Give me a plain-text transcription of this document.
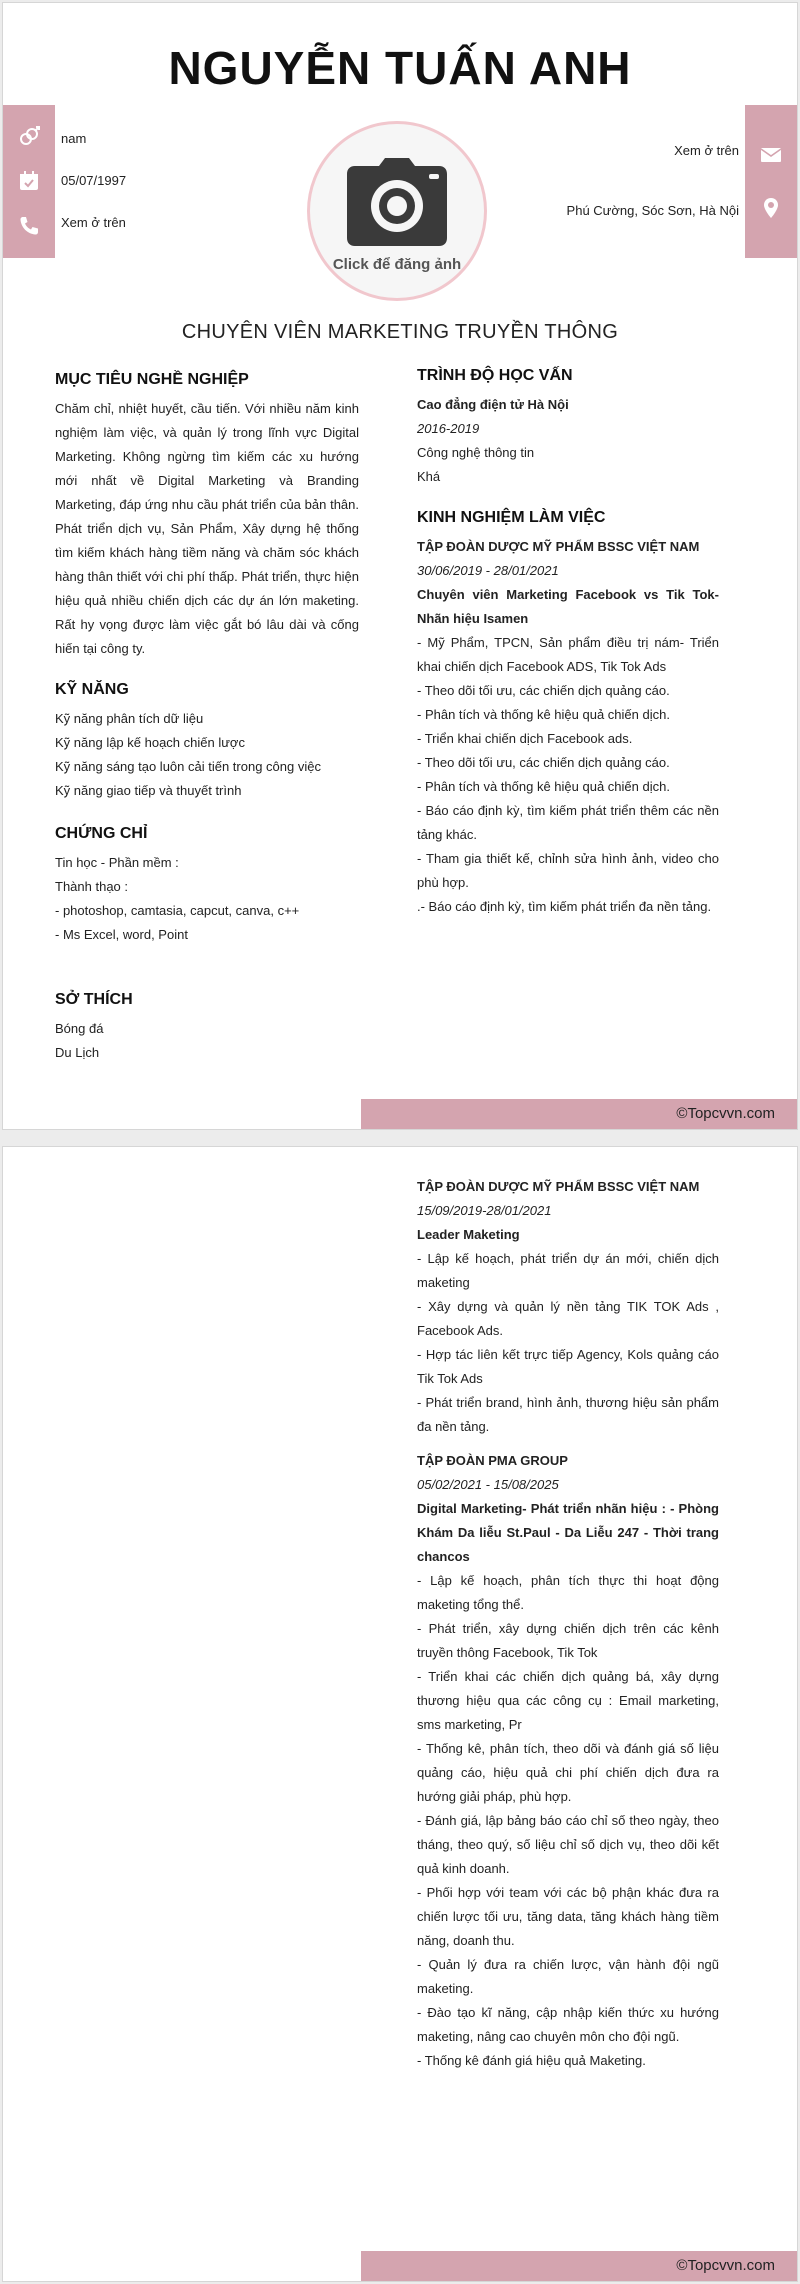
NGUYỄN TUẤN ANH
nam
05/07/1997
Xem ở trên
Click để đăng ảnh
Xem ở trên
Phú Cường, Sóc Sơn, Hà Nội
CHUYÊN VIÊN MARKETING TRUYỀN THÔNG
MỤC TIÊU NGHỀ NGHIỆP
Chăm chỉ, nhiệt huyết, cầu tiến. Với nhiều năm kinh nghiệm làm việc, và quản lý trong lĩnh vực Digital Marketing. Không ngừng tìm kiếm các xu hướng mới nhất về Digital Marketing và Branding Marketing, đáp ứng nhu cầu phát triển của bản thân. Phát triển dịch vụ, Sản Phẩm, Xây dựng hệ thống tìm kiếm khách hàng tiềm năng và chăm sóc khách hàng thân thiết với chi phí thấp. Phát triển, thực hiện hiệu quả nhiều chiến dịch các dự án lớn maketing. Rất hy vọng được làm việc gắt bó lâu dài và cống hiến tại công ty.
KỸ NĂNG
Kỹ năng phân tích dữ liệu
Kỹ năng lập kế hoạch chiến lược
Kỹ năng sáng tạo luôn cải tiến trong công việc
Kỹ năng giao tiếp và thuyết trình
CHỨNG CHỈ
Tin học - Phần mềm :
Thành thạo :
- photoshop, camtasia, capcut, canva, c++
- Ms Excel, word, Point
SỞ THÍCH
Bóng đá
Du Lịch
TRÌNH ĐỘ HỌC VẤN
Cao đẳng điện tử Hà Nội
2016-2019
Công nghệ thông tin
Khá
KINH NGHIỆM LÀM VIỆC
TẬP ĐOÀN DƯỢC MỸ PHẨM BSSC VIỆT NAM
30/06/2019 - 28/01/2021
Chuyên viên Marketing Facebook vs Tik Tok- Nhãn hiệu Isamen
- Mỹ Phẩm, TPCN, Sản phẩm điều trị nám- Triển khai chiến dịch Facebook ADS, Tik Tok Ads
- Theo dõi tối ưu, các chiến dịch quảng cáo.
- Phân tích và thống kê hiệu quả chiến dịch.
- Triển khai chiến dịch Facebook ads.
- Theo dõi tối ưu, các chiến dịch quảng cáo.
- Phân tích và thống kê hiệu quả chiến dịch.
- Báo cáo định kỳ, tìm kiếm phát triển thêm các nền tảng khác.
- Tham gia thiết kế, chỉnh sửa hình ảnh, video cho phù hợp.
.- Báo cáo định kỳ, tìm kiếm phát triển đa nền tảng.
©Topcvvn.com
TẬP ĐOÀN DƯỢC MỸ PHẨM BSSC VIỆT NAM
15/09/2019-28/01/2021
Leader Maketing
- Lập kế hoạch, phát triển dự án mới, chiến dịch maketing
- Xây dựng và quản lý nền tảng TIK TOK Ads , Facebook Ads.
- Hợp tác liên kết trực tiếp Agency, Kols quảng cáo Tik Tok Ads
- Phát triển brand, hình ảnh, thương hiệu sản phẩm đa nền tảng.
TẬP ĐOÀN PMA GROUP
05/02/2021 - 15/08/2025
Digital Marketing- Phát triển nhãn hiệu : - Phòng Khám Da liễu St.Paul - Da Liễu 247 - Thời trang chancos
- Lập kế hoạch, phân tích thực thi hoạt động maketing tổng thể.
- Phát triển, xây dựng chiến dịch trên các kênh truyền thông Facebook, Tik Tok
- Triển khai các chiến dịch quảng bá, xây dựng thương hiệu qua các công cụ : Email marketing, sms marketing, Pr
- Thống kê, phân tích, theo dõi và đánh giá số liệu quảng cáo, hiệu quả chi phí chiến dịch đưa ra hướng giải pháp, phù hợp.
- Đánh giá, lập bảng báo cáo chỉ số theo ngày, theo tháng, theo quý, số liệu chỉ số dịch vụ, theo dõi kết quả kinh doanh.
- Phối hợp với team với các bộ phận khác đưa ra chiến lược tối ưu, tăng data, tăng khách hàng tiềm năng, doanh thu.
- Quản lý đưa ra chiến lược, vận hành đội ngũ maketing.
- Đào tạo kĩ năng, cập nhập kiến thức xu hướng maketing, nâng cao chuyên môn cho đội ngũ.
- Thống kê đánh giá hiệu quả Maketing.
©Topcvvn.com
